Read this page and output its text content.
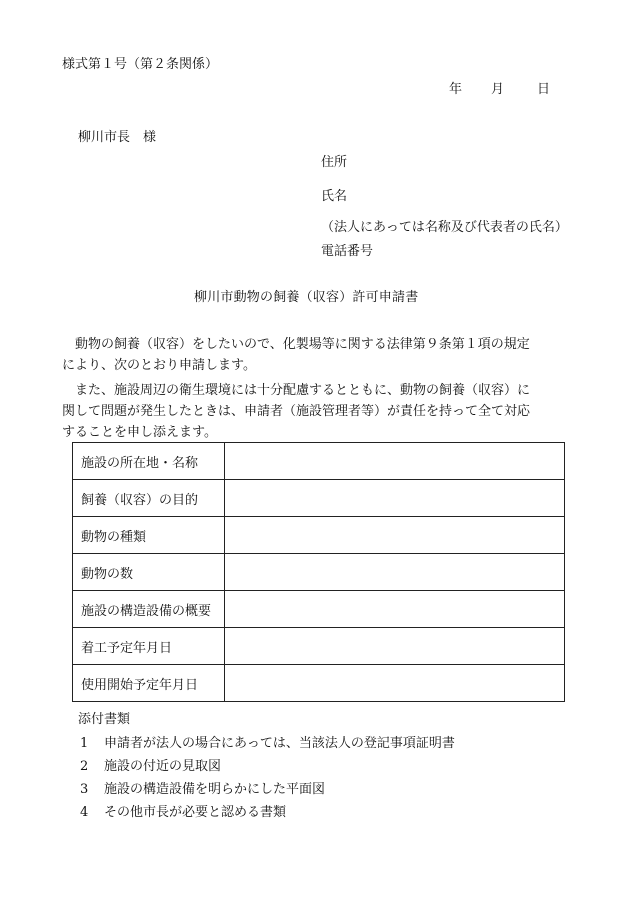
様式第１号（第２条関係）
年 月	日
柳川市長　様
住所
氏名
（法人にあっては名称及び代表者の氏名）
電話番号
柳川市動物の飼養（収容）許可申請書
　動物の飼養（収容）をしたいので、化製場等に関する法律第９条第１項の規定
により、次のとおり申請します。
　また、施設周辺の衛生環境には十分配慮するとともに、動物の飼養（収容）に
関して問題が発生したときは、申請者（施設管理者等）が責任を持って全て対応
することを申し添えます。
施設の所在地・名称	
飼養（収容）の目的	
動物の種類	
動物の数	
施設の構造設備の概要	
着工予定年月日	
使用開始予定年月日	
添付書類
1 申請者が法人の場合にあっては、当該法人の登記事項証明書
2 施設の付近の見取図
3 施設の構造設備を明らかにした平面図
4 その他市長が必要と認める書類
